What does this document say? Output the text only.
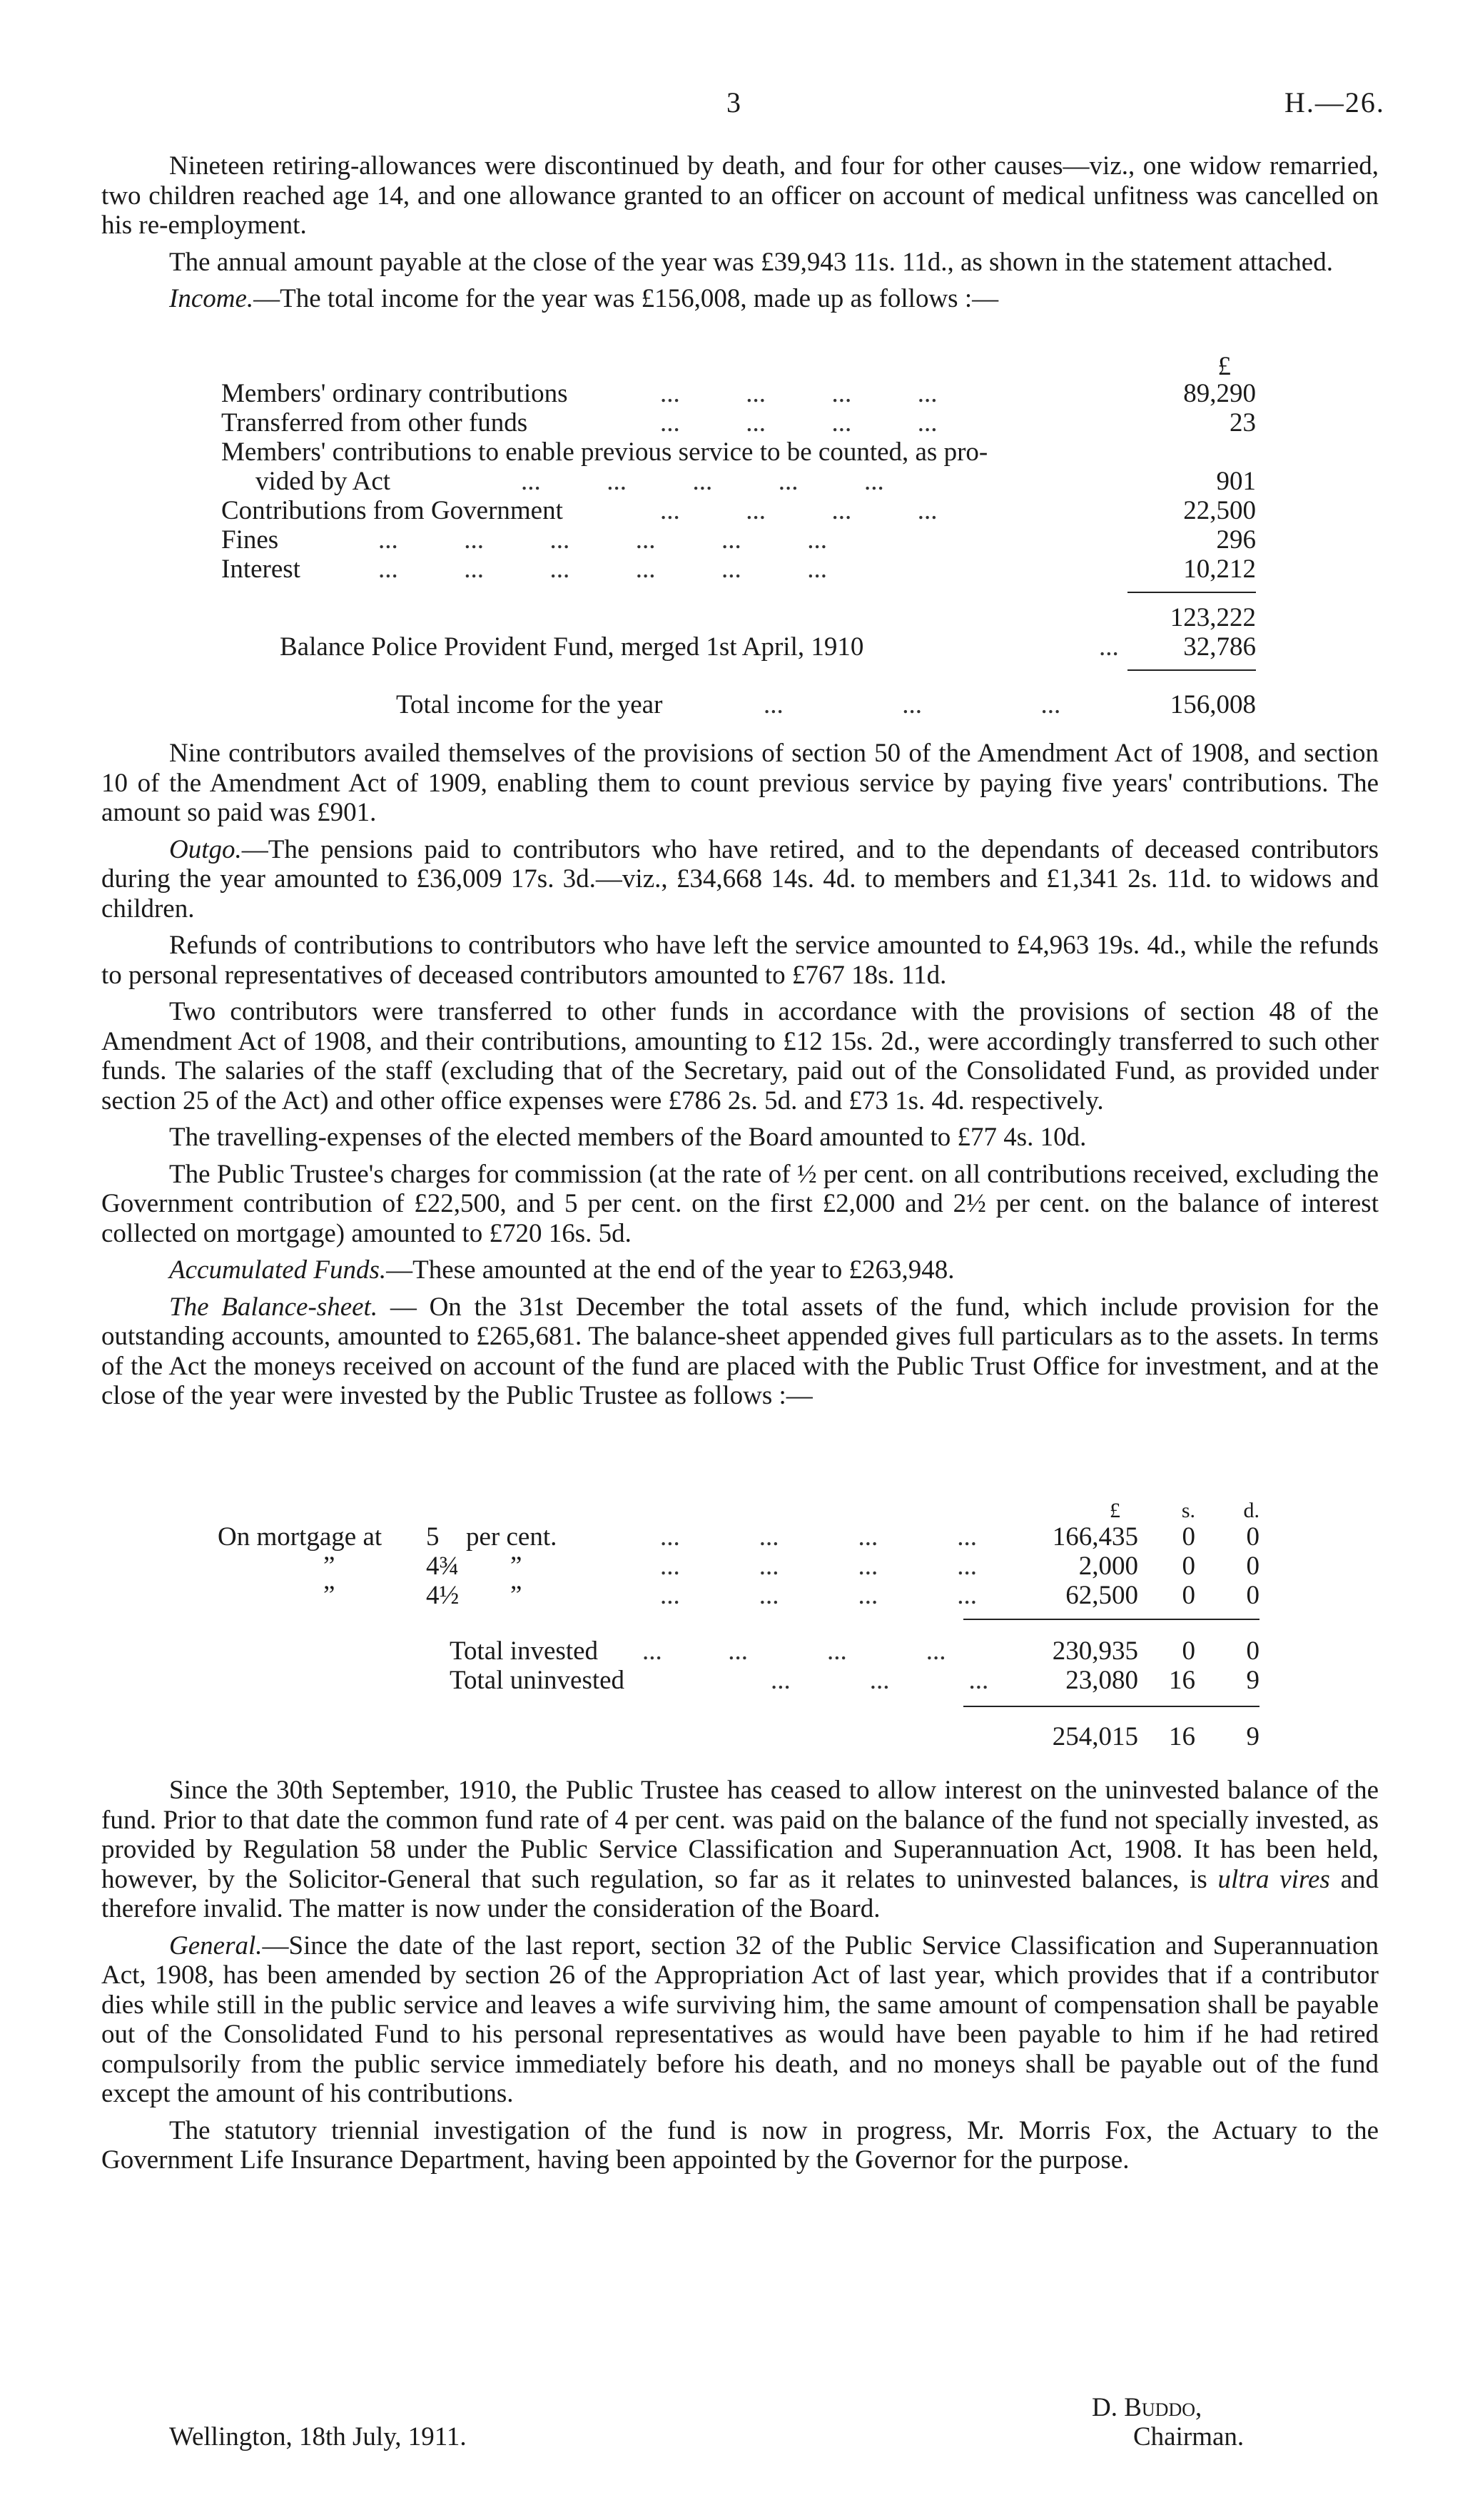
3	H.—26.

Nineteen retiring-allowances were discontinued by death, and four for other causes—viz., one widow remarried, two children reached age 14, and one allowance granted to an officer on account of medical unfitness was cancelled on his re-employment.

The annual amount payable at the close of the year was £39,943 11s. 11d., as shown in the statement attached.

Income.—The total income for the year was £156,008, made up as follows :—

£
Members' ordinary contributions	...          ...          ...          ...	89,290
Transferred from other funds	...          ...          ...          ...	23
Members' contributions to enable previous service to be counted, as pro-
vided by Act	...          ...          ...          ...          ...	901
Contributions from Government	...          ...          ...          ...	22,500
Fines	...          ...          ...          ...          ...          ...	296
Interest	...          ...          ...          ...          ...          ...	10,212
123,222
Balance Police Provident Fund, merged 1st April, 1910	... 32,786
Total income for the year	...                  ...                  ...	156,008

Nine contributors availed themselves of the provisions of section 50 of the Amendment Act of 1908, and section 10 of the Amendment Act of 1909, enabling them to count previous service by paying five years' contributions. The amount so paid was £901.

Outgo.—The pensions paid to contributors who have retired, and to the dependants of deceased contributors during the year amounted to £36,009 17s. 3d.—viz., £34,668 14s. 4d. to members and £1,341 2s. 11d. to widows and children.

Refunds of contributions to contributors who have left the service amounted to £4,963 19s. 4d., while the refunds to personal representatives of deceased contributors amounted to £767 18s. 11d.

Two contributors were transferred to other funds in accordance with the provisions of section 48 of the Amendment Act of 1908, and their contributions, amounting to £12 15s. 2d., were accordingly transferred to such other funds. The salaries of the staff (excluding that of the Secretary, paid out of the Consolidated Fund, as provided under section 25 of the Act) and other office expenses were £786 2s. 5d. and £73 1s. 4d. respectively.

The travelling-expenses of the elected members of the Board amounted to £77 4s. 10d.

The Public Trustee's charges for commission (at the rate of ½ per cent. on all contributions received, excluding the Government contribution of £22,500, and 5 per cent. on the first £2,000 and 2½ per cent. on the balance of interest collected on mortgage) amounted to £720 16s. 5d.

Accumulated Funds.—These amounted at the end of the year to £263,948.

The Balance-sheet. — On the 31st December the total assets of the fund, which include provision for the outstanding accounts, amounted to £265,681. The balance-sheet appended gives full particulars as to the assets. In terms of the Act the moneys received on account of the fund are placed with the Public Trust Office for investment, and at the close of the year were invested by the Public Trustee as follows :—

£	s.	d.
On mortgage at 5 per cent.	...            ...            ...            ...	166,435	0	0
”	4¾ ”	...            ...            ...            ...	2,000	0	0
”	4½ ”	...            ...            ...            ...	62,500	0	0
Total invested ...          ...            ...            ...	230,935	0	0
Total uninvested	...            ...            ...	23,080	16	9
254,015	16	9

Since the 30th September, 1910, the Public Trustee has ceased to allow interest on the uninvested balance of the fund. Prior to that date the common fund rate of 4 per cent. was paid on the balance of the fund not specially invested, as provided by Regulation 58 under the Public Service Classification and Superannuation Act, 1908. It has been held, however, by the Solicitor-General that such regulation, so far as it relates to uninvested balances, is ultra vires and therefore invalid. The matter is now under the consideration of the Board.

General.—Since the date of the last report, section 32 of the Public Service Classification and Superannuation Act, 1908, has been amended by section 26 of the Appropriation Act of last year, which provides that if a contributor dies while still in the public service and leaves a wife surviving him, the same amount of compensation shall be payable out of the Consolidated Fund to his personal representatives as would have been payable to him if he had retired compulsorily from the public service immediately before his death, and no moneys shall be payable out of the fund except the amount of his contributions.

The statutory triennial investigation of the fund is now in progress, Mr. Morris Fox, the Actuary to the Government Life Insurance Department, having been appointed by the Governor for the purpose.

D. Buddo,
Chairman.
Wellington, 18th July, 1911.
